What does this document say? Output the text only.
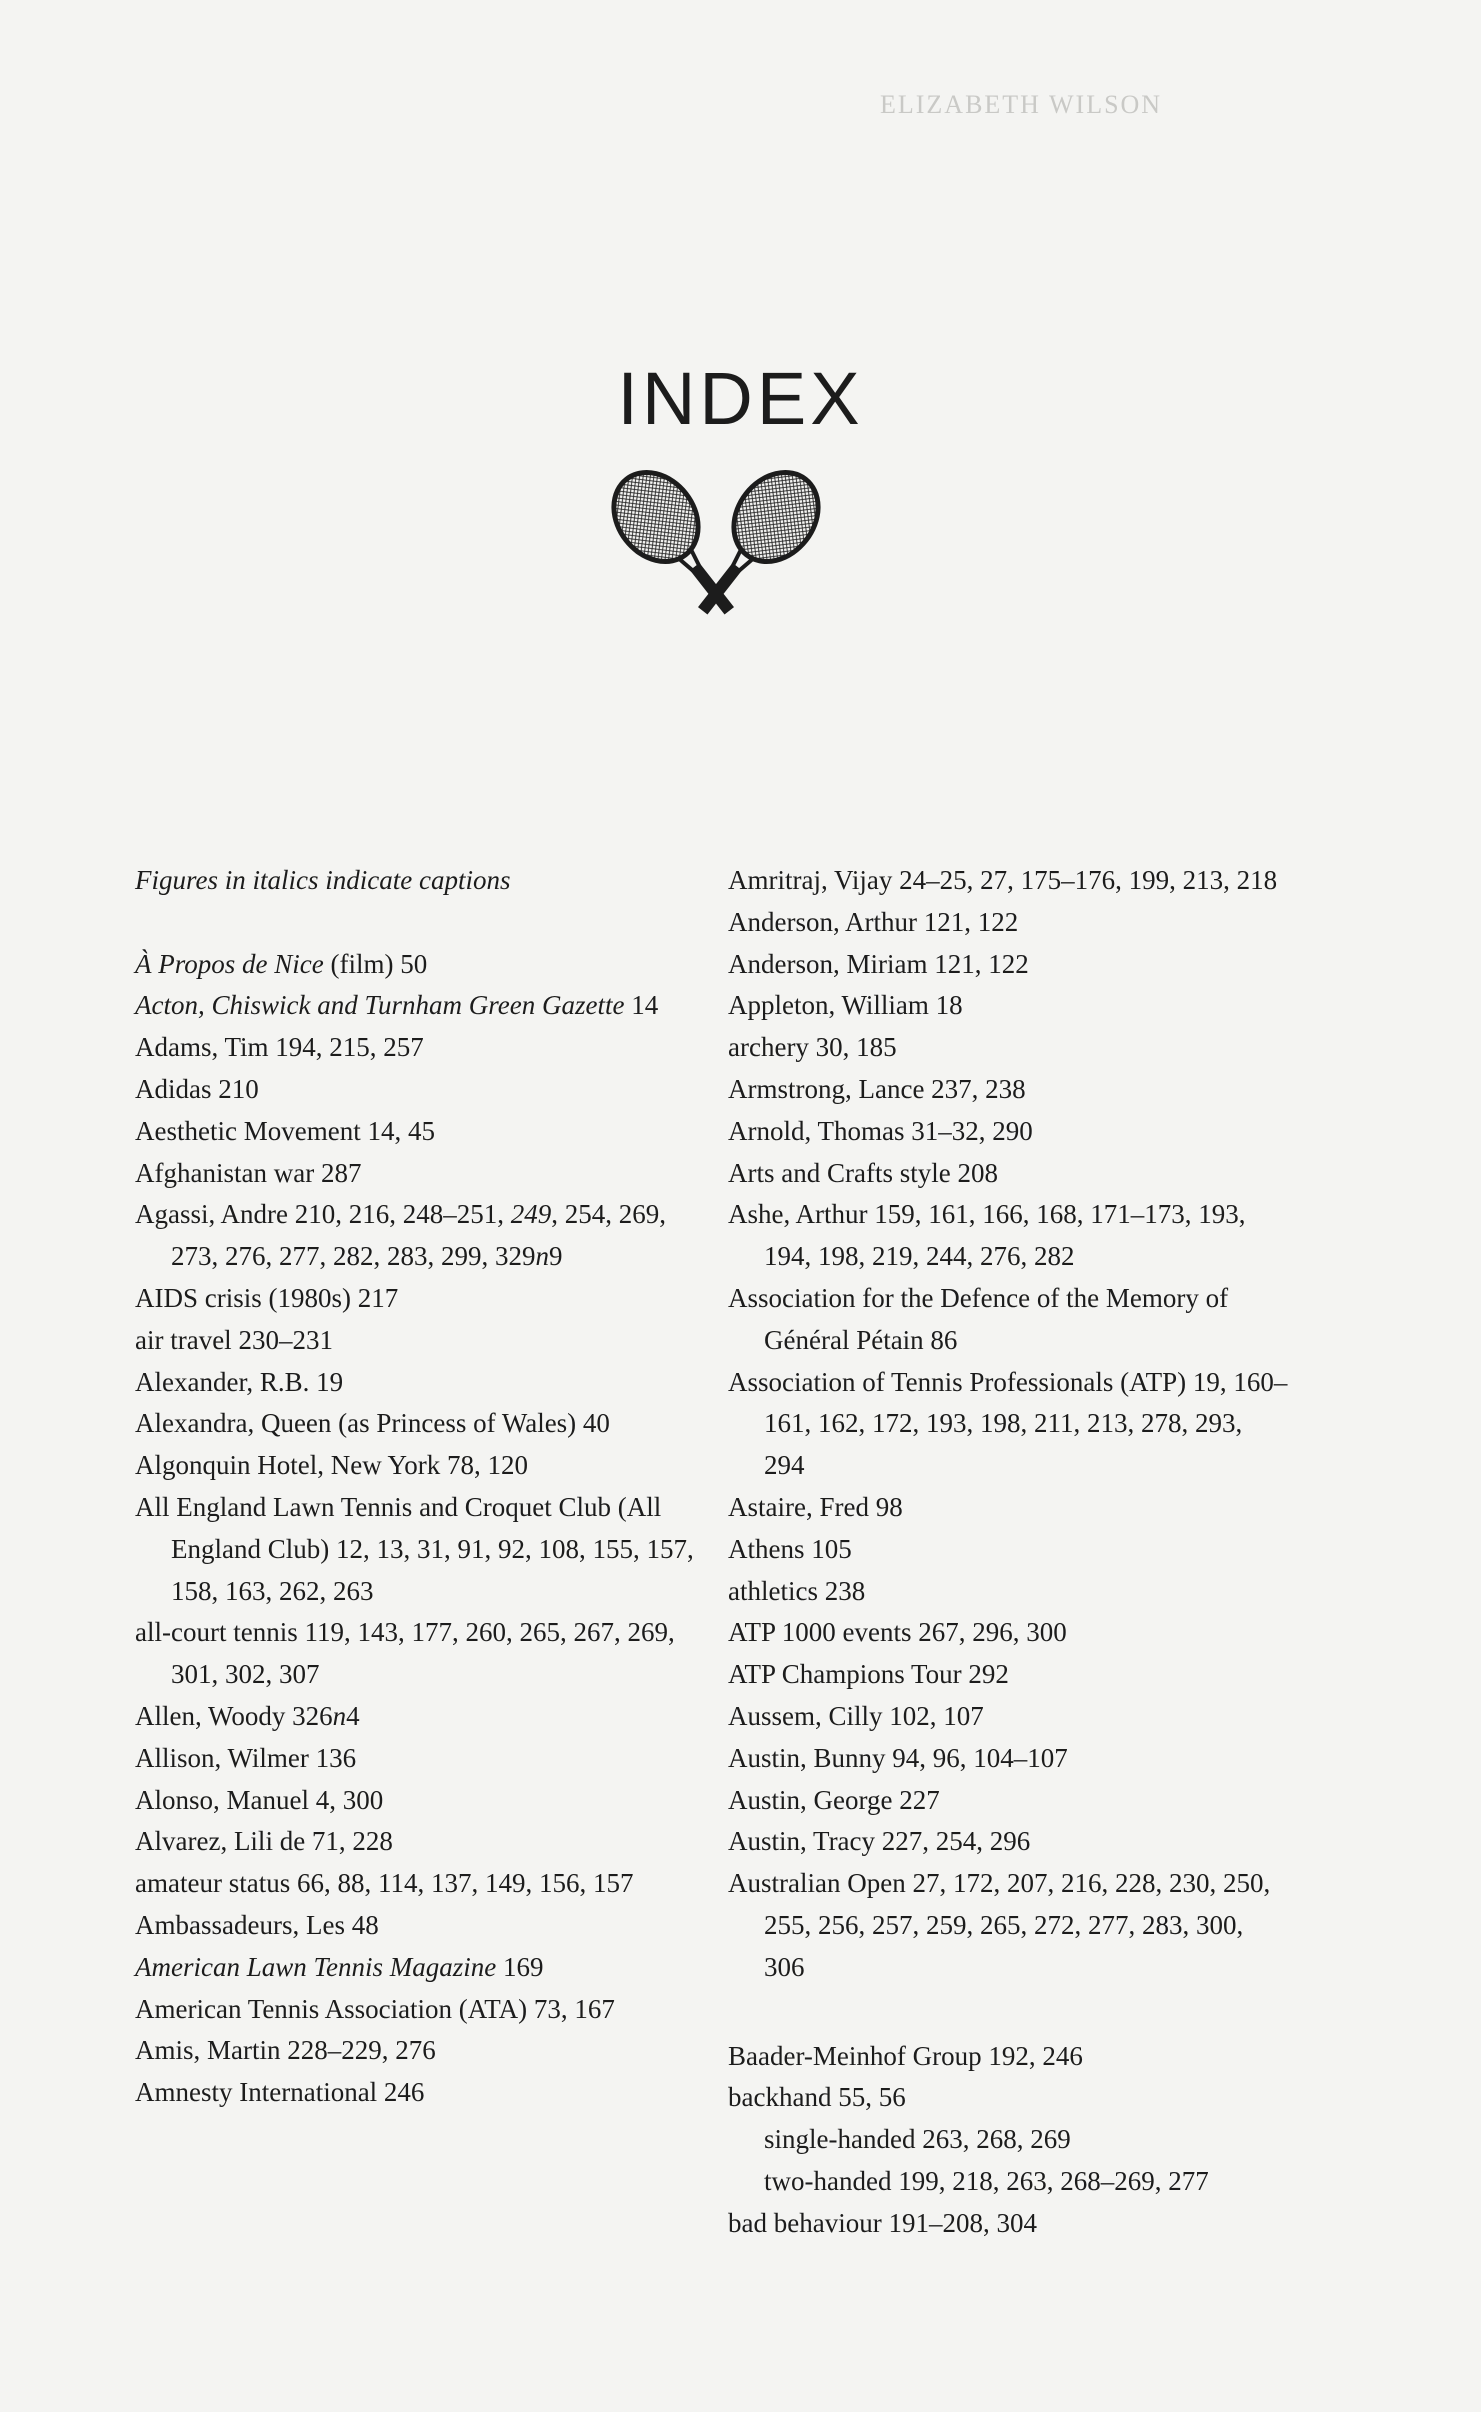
ELIZABETH WILSON
INDEX

Figures in italics indicate captions

À Propos de Nice (film) 50

Acton, Chiswick and Turnham Green Gazette 14

Adams, Tim 194, 215, 257

Adidas 210

Aesthetic Movement 14, 45

Afghanistan war 287

Agassi, Andre 210, 216, 248–251, 249, 254, 269, 273, 276, 277, 282, 283, 299, 329n9

AIDS crisis (1980s) 217

air travel 230–231

Alexander, R.B. 19

Alexandra, Queen (as Princess of Wales) 40

Algonquin Hotel, New York 78, 120

All England Lawn Tennis and Croquet Club (All England Club) 12, 13, 31, 91, 92, 108, 155, 157, 158, 163, 262, 263

all-court tennis 119, 143, 177, 260, 265, 267, 269, 301, 302, 307

Allen, Woody 326n4

Allison, Wilmer 136

Alonso, Manuel 4, 300

Alvarez, Lili de 71, 228

amateur status 66, 88, 114, 137, 149, 156, 157

Ambassadeurs, Les 48

American Lawn Tennis Magazine 169

American Tennis Association (ATA) 73, 167

Amis, Martin 228–229, 276

Amnesty International 246

Amritraj, Vijay 24–25, 27, 175–176, 199, 213, 218

Anderson, Arthur 121, 122

Anderson, Miriam 121, 122

Appleton, William 18

archery 30, 185

Armstrong, Lance 237, 238

Arnold, Thomas 31–32, 290

Arts and Crafts style 208

Ashe, Arthur 159, 161, 166, 168, 171–173, 193, 194, 198, 219, 244, 276, 282

Association for the Defence of the Memory of Général Pétain 86

Association of Tennis Professionals (ATP) 19, 160–161, 162, 172, 193, 198, 211, 213, 278, 293, 294

Astaire, Fred 98

Athens 105

athletics 238

ATP 1000 events 267, 296, 300

ATP Champions Tour 292

Aussem, Cilly 102, 107

Austin, Bunny 94, 96, 104–107

Austin, George 227

Austin, Tracy 227, 254, 296

Australian Open 27, 172, 207, 216, 228, 230, 250, 255, 256, 257, 259, 265, 272, 277, 283, 300, 306

Baader-Meinhof Group 192, 246

backhand 55, 56

single-handed 263, 268, 269

two-handed 199, 218, 263, 268–269, 277

bad behaviour 191–208, 304
